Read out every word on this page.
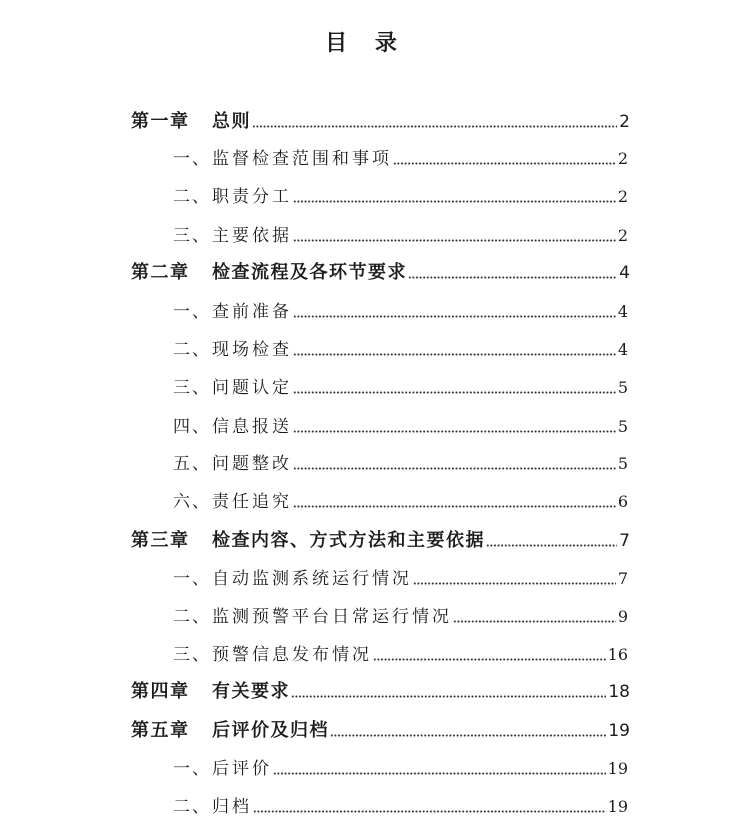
目 录
第一章	总则	2
一、 监督检查范围和事项	2
二、 职责分工	2
三、 主要依据	2
第二章	检查流程及各环节要求	4
一、 查前准备	4
二、 现场检查	4
三、 问题认定	5
四、 信息报送	5
五、 问题整改	5
六、 责任追究	6
第三章	检查内容、方式方法和主要依据	7
一、 自动监测系统运行情况	7
二、 监测预警平台日常运行情况	9
三、 预警信息发布情况	16
第四章	有关要求	18
第五章	后评价及归档	19
一、 后评价	19
二、 归档	19
